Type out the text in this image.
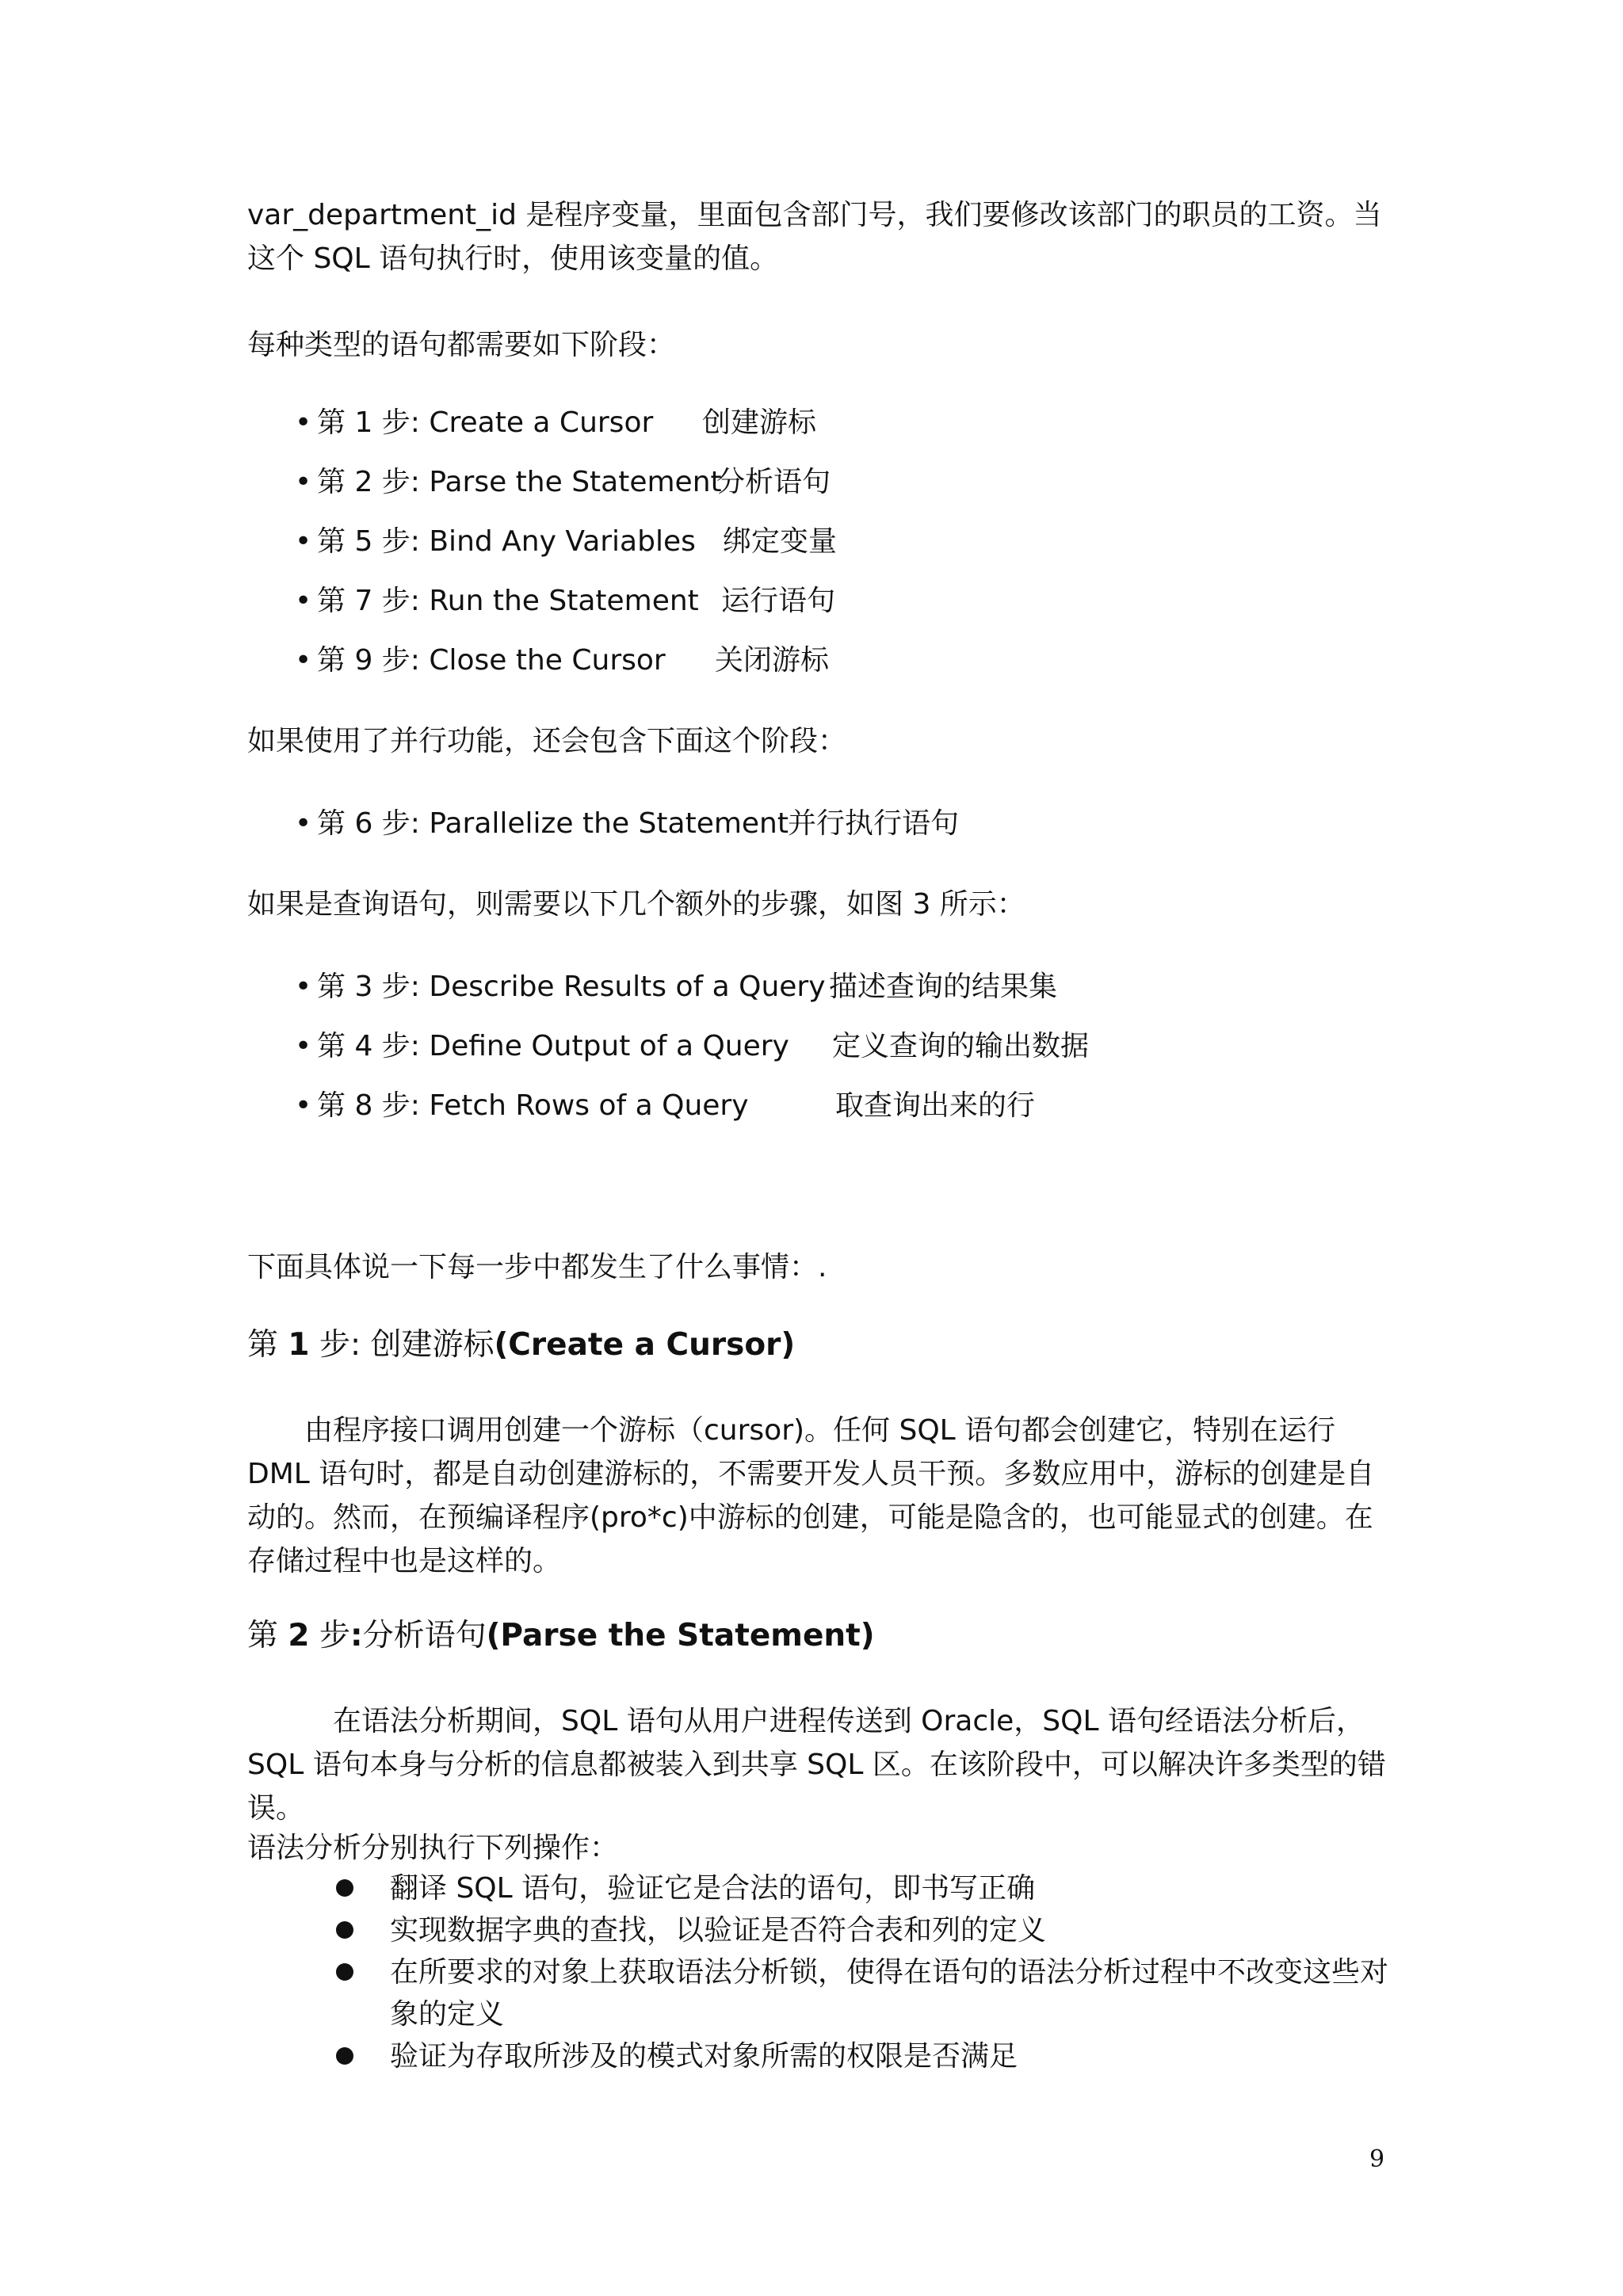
var_department_id 是程序变量，里面包含部门号，我们要修改该部门的职员的工资。当这个 SQL 语句执行时，使用该变量的值。

每种类型的语句都需要如下阶段：

• 第 1 步: Create a Cursor 创建游标
• 第 2 步: Parse the Statement
分析语句
• 第 5 步: Bind Any Variables 绑定变量
• 第 7 步: Run the Statement 运行语句
• 第 9 步: Close the Cursor 关闭游标

如果使用了并行功能，还会包含下面这个阶段：

• 第 6 步: Parallelize the Statement 并行执行语句

如果是查询语句，则需要以下几个额外的步骤，如图 3 所示：

• 第 3 步: Describe Results of a Query 描述查询的结果集
• 第 4 步: Define Output of a Query 定义查询的输出数据
• 第 8 步: Fetch Rows of a Query	取查询出来的行

下面具体说一下每一步中都发生了什么事情：.

第 1 步: 创建游标(Create a Cursor)

由程序接口调用创建一个游标（cursor)。任何 SQL 语句都会创建它，特别在运行 DML 语句时，都是自动创建游标的，不需要开发人员干预。多数应用中，游标的创建是自动的。然而，在预编译程序(pro*c)中游标的创建，可能是隐含的，也可能显式的创建。在存储过程中也是这样的。

第 2 步:分析语句(Parse the Statement)

在语法分析期间，SQL 语句从用户进程传送到 Oracle，SQL 语句经语法分析后，SQL 语句本身与分析的信息都被装入到共享 SQL 区。在该阶段中，可以解决许多类型的错误。

语法分析分别执行下列操作：

翻译 SQL 语句，验证它是合法的语句，即书写正确
实现数据字典的查找，以验证是否符合表和列的定义
在所要求的对象上获取语法分析锁，使得在语句的语法分析过程中不改变这些对象的定义
验证为存取所涉及的模式对象所需的权限是否满足
9
